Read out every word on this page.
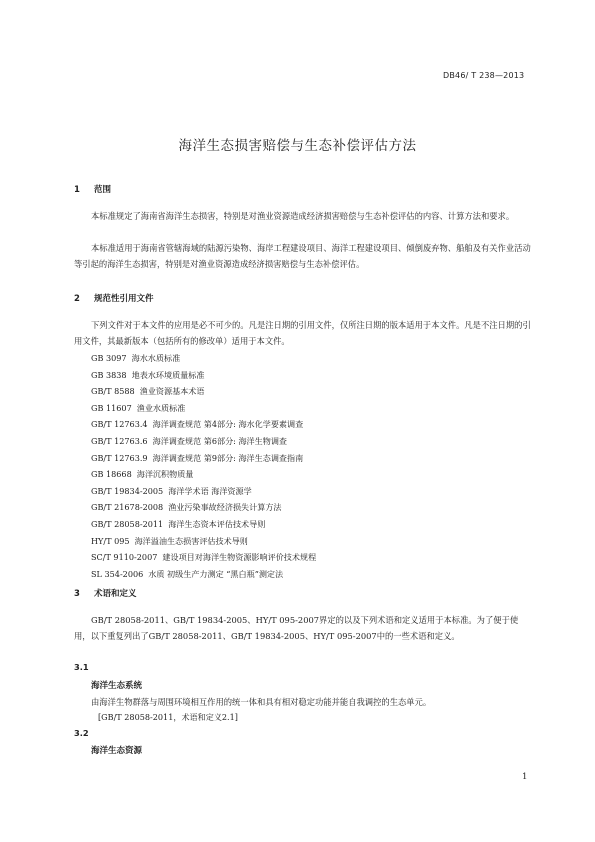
DB46/ T 238—2013
海洋生态损害赔偿与生态补偿评估方法
1 范围

本标准规定了海南省海洋生态损害，特别是对渔业资源造成经济损害赔偿与生态补偿评估的内容、计算方法和要求。

本标准适用于海南省管辖海域的陆源污染物、海岸工程建设项目、海洋工程建设项目、倾倒废弃物、船舶及有关作业活动等引起的海洋生态损害，特别是对渔业资源造成经济损害赔偿与生态补偿评估。

2 规范性引用文件

下列文件对于本文件的应用是必不可少的。凡是注日期的引用文件，仅所注日期的版本适用于本文件。凡是不注日期的引用文件，其最新版本（包括所有的修改单）适用于本文件。

GB 3097 海水水质标准
GB 3838 地表水环境质量标准
GB/T 8588 渔业资源基本术语
GB 11607 渔业水质标准
GB/T 12763.4 海洋调查规范 第4部分: 海水化学要素调查
GB/T 12763.6 海洋调查规范 第6部分: 海洋生物调查
GB/T 12763.9 海洋调查规范 第9部分: 海洋生态调查指南
GB 18668 海洋沉积物质量
GB/T 19834-2005 海洋学术语 海洋资源学
GB/T 21678-2008 渔业污染事故经济损失计算方法
GB/T 28058-2011 海洋生态资本评估技术导则
HY/T 095 海洋溢油生态损害评估技术导则
SC/T 9110-2007 建设项目对海洋生物资源影响评价技术规程
SL 354-2006 水质 初级生产力测定 “黑白瓶”测定法
3 术语和定义

GB/T 28058-2011、GB/T 19834-2005、HY/T 095-2007界定的以及下列术语和定义适用于本标准。为了便于使用，以下重复列出了GB/T 28058-2011、GB/T 19834-2005、HY/T 095-2007中的一些术语和定义。

3.1
海洋生态系统
由海洋生物群落与周围环境相互作用的统一体和具有相对稳定功能并能自我调控的生态单元。
[GB/T 28058-2011，术语和定义2.1]
3.2
海洋生态资源
1
